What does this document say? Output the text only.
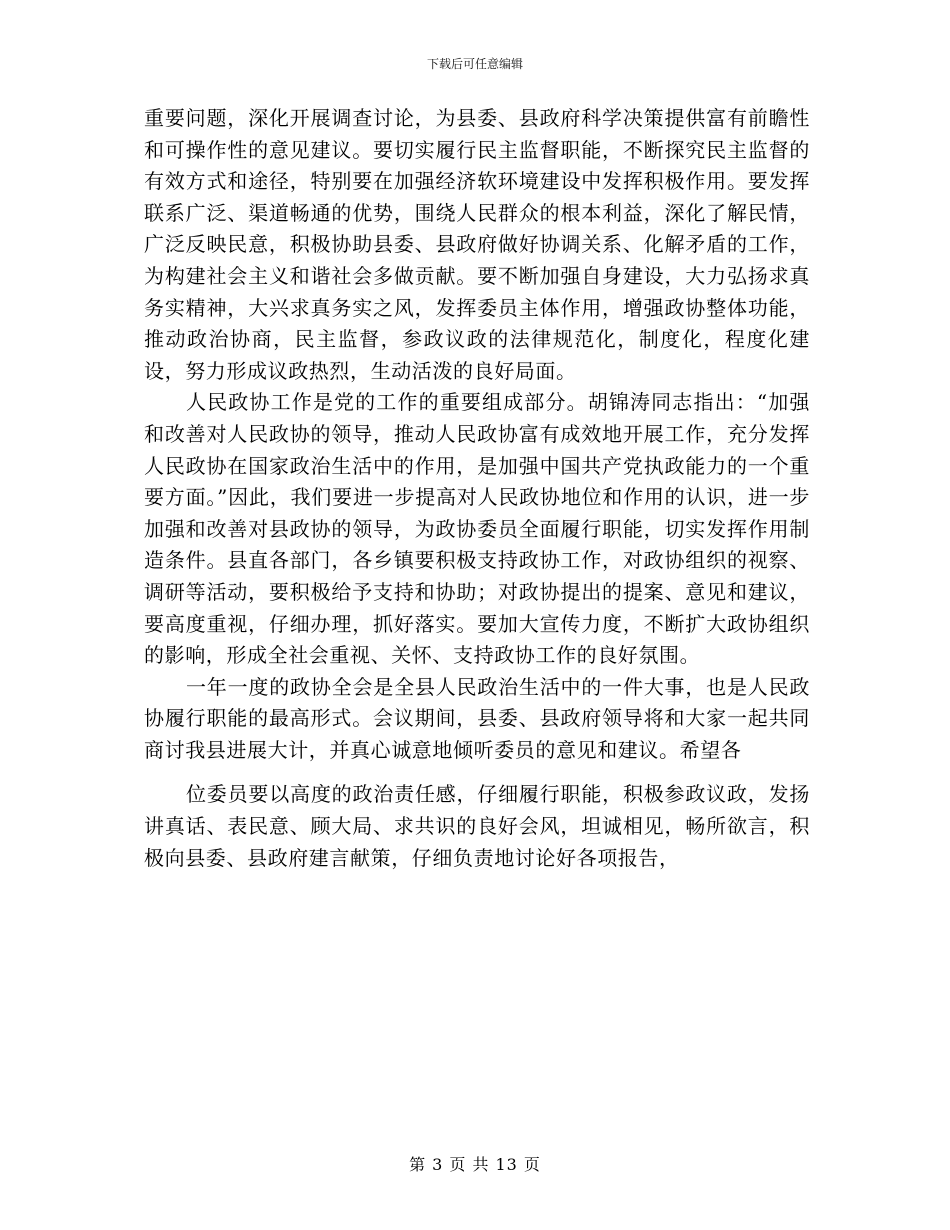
下载后可任意编辑

重要问题，深化开展调查讨论，为县委、县政府科学决策提供富有前瞻性和可操作性的意见建议。要切实履行民主监督职能，不断探究民主监督的有效方式和途径，特别要在加强经济软环境建设中发挥积极作用。要发挥联系广泛、渠道畅通的优势，围绕人民群众的根本利益，深化了解民情，广泛反映民意，积极协助县委、县政府做好协调关系、化解矛盾的工作，为构建社会主义和谐社会多做贡献。要不断加强自身建设，大力弘扬求真务实精神，大兴求真务实之风，发挥委员主体作用，增强政协整体功能，推动政治协商，民主监督，参政议政的法律规范化，制度化，程度化建设，努力形成议政热烈，生动活泼的良好局面。

人民政协工作是党的工作的重要组成部分。胡锦涛同志指出：“加强和改善对人民政协的领导，推动人民政协富有成效地开展工作，充分发挥人民政协在国家政治生活中的作用，是加强中国共产党执政能力的一个重要方面。”因此，我们要进一步提高对人民政协地位和作用的认识，进一步加强和改善对县政协的领导，为政协委员全面履行职能，切实发挥作用制造条件。县直各部门，各乡镇要积极支持政协工作，对政协组织的视察、调研等活动，要积极给予支持和协助；对政协提出的提案、意见和建议，要高度重视，仔细办理，抓好落实。要加大宣传力度，不断扩大政协组织的影响，形成全社会重视、关怀、支持政协工作的良好氛围。

一年一度的政协全会是全县人民政治生活中的一件大事，也是人民政协履行职能的最高形式。会议期间，县委、县政府领导将和大家一起共同商讨我县进展大计，并真心诚意地倾听委员的意见和建议。希望各

位委员要以高度的政治责任感，仔细履行职能，积极参政议政，发扬讲真话、表民意、顾大局、求共识的良好会风，坦诚相见，畅所欲言，积极向县委、县政府建言献策，仔细负责地讨论好各项报告，

第 3 页 共 13 页
